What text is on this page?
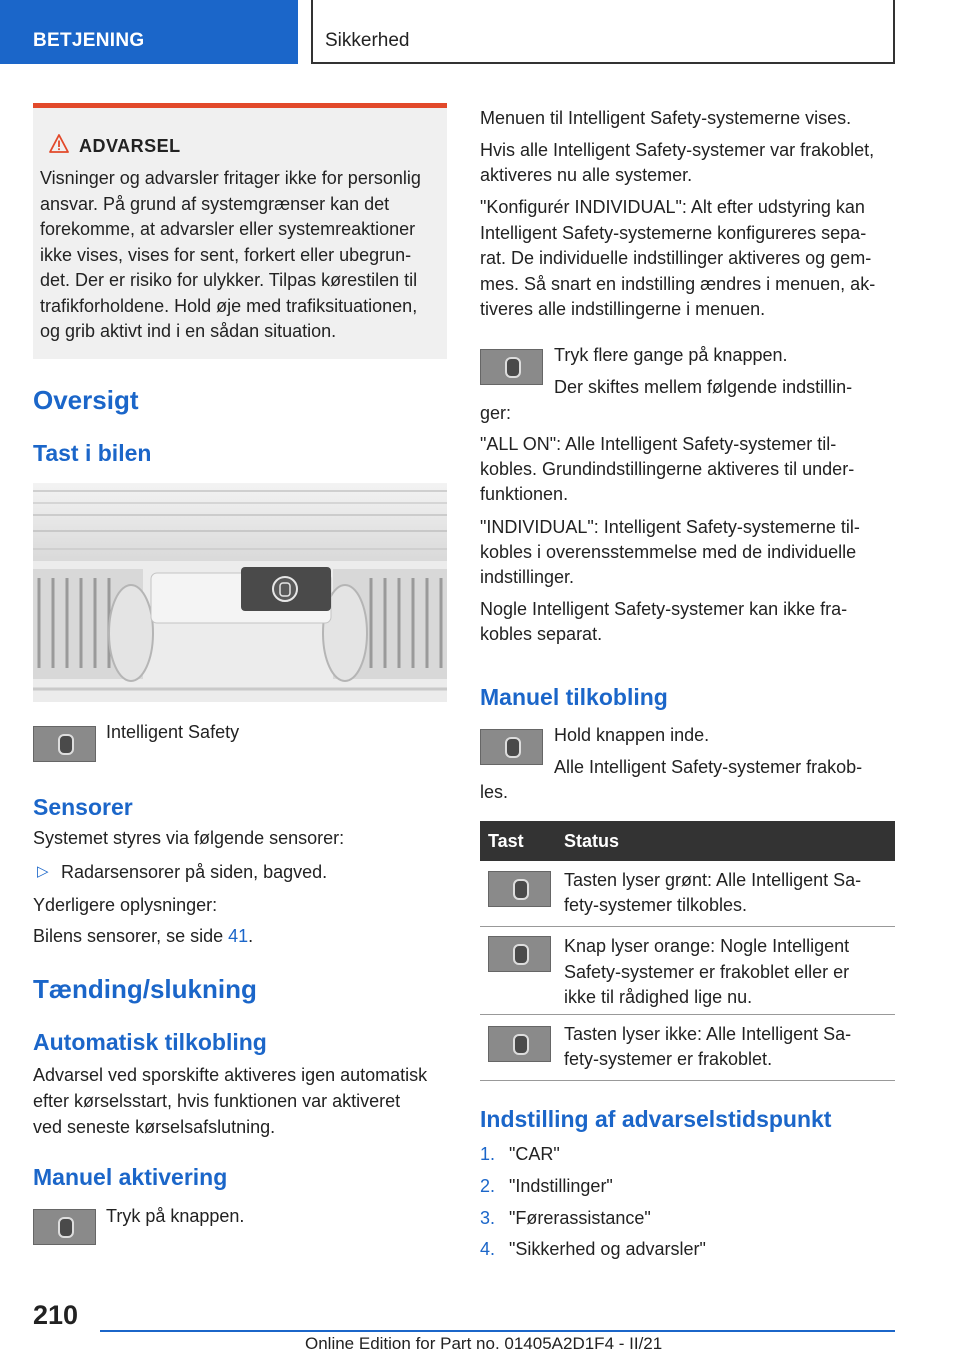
BETJENING	Sikkerhed
ADVARSEL
Visninger og advarsler fritager ikke for personlig
ansvar. På grund af systemgrænser kan det
forekomme, at advarsler eller systemreaktioner
ikke vises, vises for sent, forkert eller ubegrun-
det. Der er risiko for ulykker. Tilpas kørestilen til
trafikforholdene. Hold øje med trafiksituationen,
og grib aktivt ind i en sådan situation.
Oversigt
Tast i bilen
Intelligent Safety
Sensorer
Systemet styres via følgende sensorer:
▷ Radarsensorer på siden, bagved.
Yderligere oplysninger:
Bilens sensorer, se side 41.
Tænding/slukning
Automatisk tilkobling
Advarsel ved sporskifte aktiveres igen automatisk
efter kørselsstart, hvis funktionen var aktiveret
ved seneste kørselsafslutning.
Manuel aktivering
Tryk på knappen.
Menuen til Intelligent Safety-systemerne vises.
Hvis alle Intelligent Safety-systemer var frakoblet,
aktiveres nu alle systemer.
"Konfigurér INDIVIDUAL": Alt efter udstyring kan
Intelligent Safety-systemerne konfigureres sepa-
rat. De individuelle indstillinger aktiveres og gem-
mes. Så snart en indstilling ændres i menuen, ak-
tiveres alle indstillingerne i menuen.
Tryk flere gange på knappen.
Der skiftes mellem følgende indstillin-
ger:
"ALL ON": Alle Intelligent Safety-systemer til-
kobles. Grundindstillingerne aktiveres til under-
funktionen.
"INDIVIDUAL": Intelligent Safety-systemerne til-
kobles i overensstemmelse med de individuelle
indstillinger.
Nogle Intelligent Safety-systemer kan ikke fra-
kobles separat.
Manuel tilkobling
Hold knappen inde.
Alle Intelligent Safety-systemer frakob-
les.
Tast Status
Tasten lyser grønt: Alle Intelligent Sa-
fety-systemer tilkobles.
Knap lyser orange: Nogle Intelligent
Safety-systemer er frakoblet eller er
ikke til rådighed lige nu.
Tasten lyser ikke: Alle Intelligent Sa-
fety-systemer er frakoblet.
Indstilling af advarselstidspunkt
1. "CAR"
2. "Indstillinger"
3. "Førerassistance"
4. "Sikkerhed og advarsler"
210
Online Edition for Part no. 01405A2D1F4 - II/21
